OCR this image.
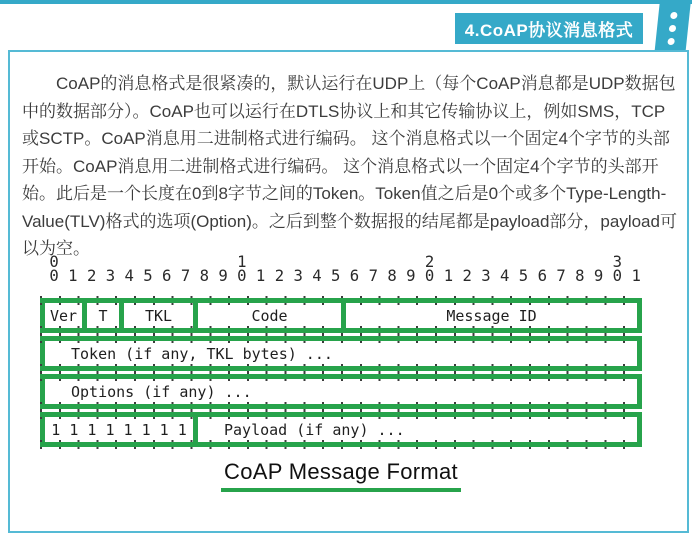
4.CoAP协议消息格式

CoAP的消息格式是很紧凑的，默认运行在UDP上（每个CoAP消息都是UDP数据包中的数据部分）。CoAP也可以运行在DTLS协议上和其它传输协议上，例如SMS，TCP或SCTP。CoAP消息用二进制格式进行编码。 这个消息格式以一个固定4个字节的头部开始。CoAP消息用二进制格式进行编码。 这个消息格式以一个固定4个字节的头部开始。此后是一个长度在0到8字节之间的Token。Token值之后是0个或多个Type-Length-Value(TLV)格式的选项(Option)。之后到整个数据报的结尾都是payload部分，payload可以为空。

0                   1                   2                   3
0 1 2 3 4 5 6 7 8 9 0 1 2 3 4 5 6 7 8 9 0 1 2 3 4 5 6 7 8 9 0 1
Ver	T	TKL	Code	Message ID
Token (if any, TKL bytes) ...
Options (if any) ...
1 1 1 1 1 1 1 1	Payload (if any) ...
CoAP Message Format
